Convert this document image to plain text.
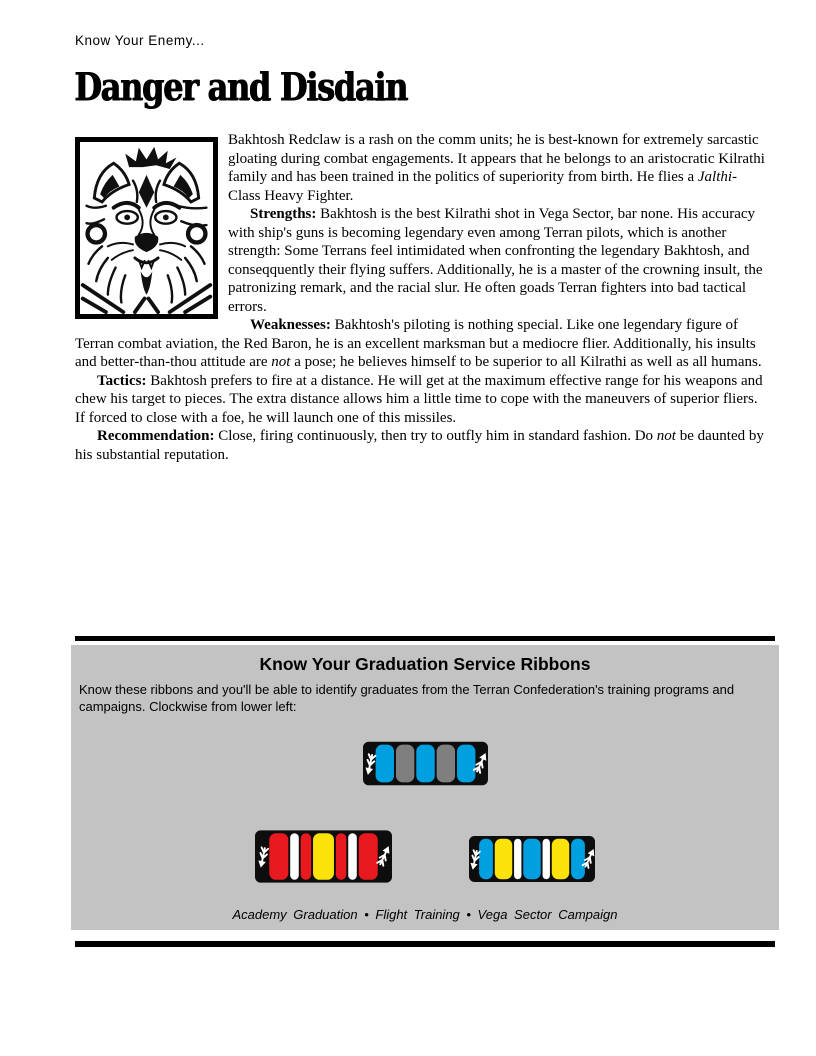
Know Your Enemy...
Danger and Disdain

Bakhtosh Redclaw is a rash on the comm units; he is best-known for extremely sarcastic gloating during combat engagements. It appears that he belongs to an aristocratic Kilrathi family and has been trained in the politics of superiority from birth. He flies a Jalthi-Class Heavy Fighter.

Strengths: Bakhtosh is the best Kilrathi shot in Vega Sector, bar none. His accuracy with ship's guns is becoming legendary even among Terran pilots, which is another strength: Some Terrans feel intimidated when confronting the legendary Bakhtosh, and conseqquently their flying suffers. Additionally, he is a master of the crowning insult, the patronizing remark, and the racial slur. He often goads Terran fighters into bad tactical errors.

Weaknesses: Bakhtosh's piloting is nothing special. Like one legendary figure of Terran combat aviation, the Red Baron, he is an excellent marksman but a mediocre flier. Additionally, his insults and better-than-thou attitude are not a pose; he believes himself to be superior to all Kilrathi as well as all humans.

Tactics: Bakhtosh prefers to fire at a distance. He will get at the maximum effective range for his weapons and chew his target to pieces. The extra distance allows him a little time to cope with the maneuvers of superior fliers. If forced to close with a foe, he will launch one of this missiles.

Recommendation: Close, firing continuously, then try to outfly him in standard fashion. Do not be daunted by his substantial reputation.

Know Your Graduation Service Ribbons
Know these ribbons and you'll be able to identify graduates from the Terran Confederation's training programs and campaigns. Clockwise from lower left:
Academy Graduation • Flight Training • Vega Sector Campaign
